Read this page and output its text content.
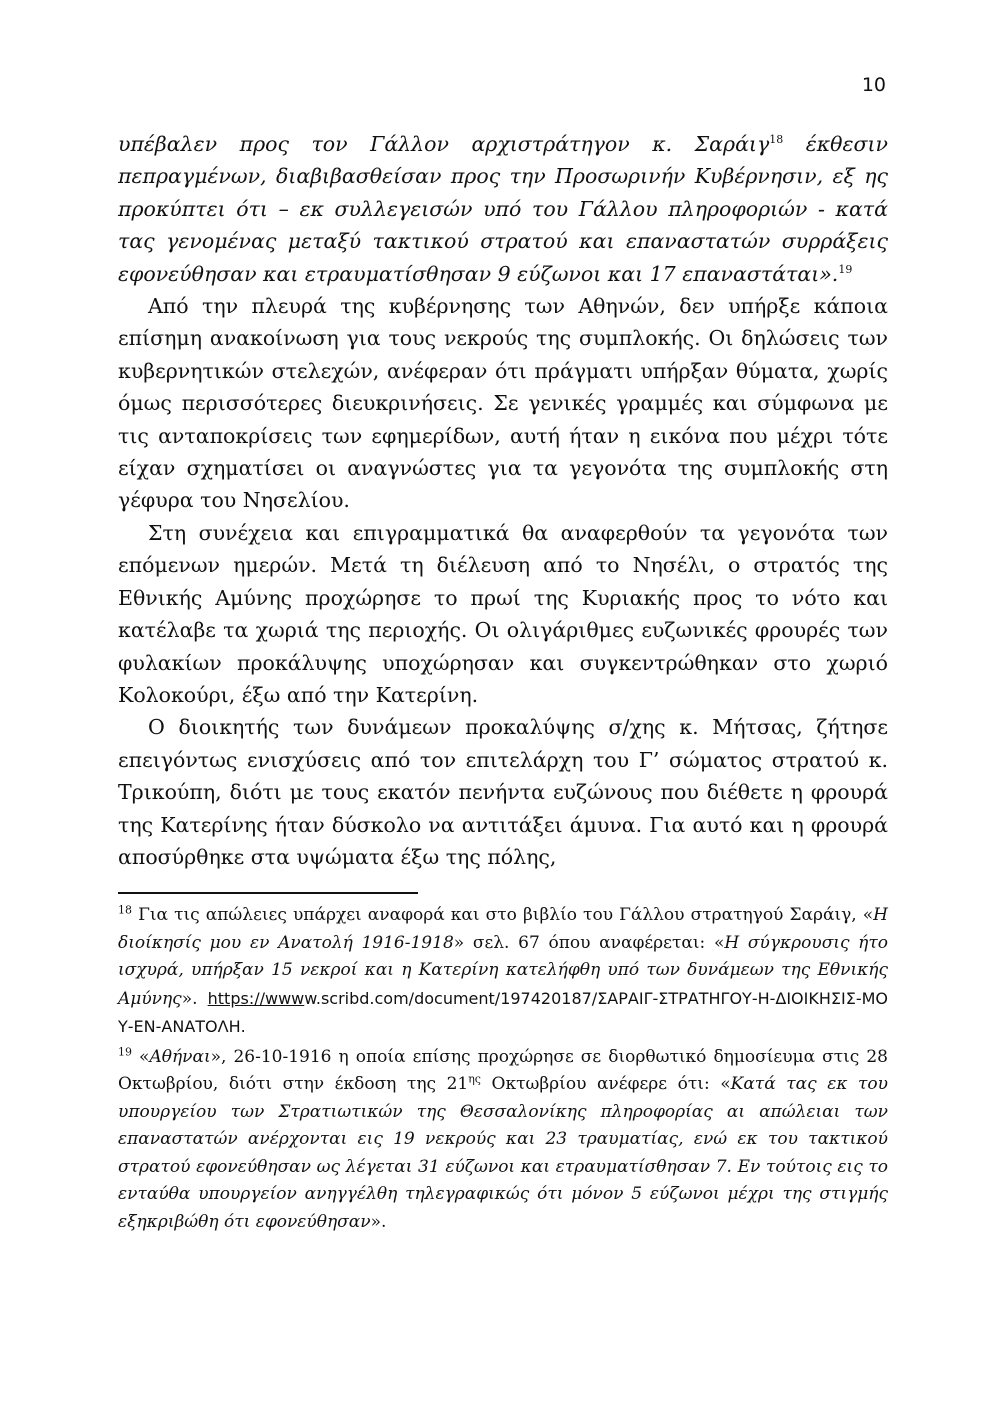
10

υπέβαλεν προς τον Γάλλον αρχιστράτηγον κ. Σαράιγ$^{18}$ έκθεσιν πεπραγμένων, διαβιβασθείσαν προς την Προσωρινήν Κυβέρνησιν, εξ ης προκύπτει ότι – εκ συλλεγεισών υπό του Γάλλου πληροφοριών - κατά τας γενομένας μεταξύ τακτικού στρατού και επαναστατών συρράξεις εφονεύθησαν και ετραυματίσθησαν 9 εύζωνοι και 17 επαναστάται».$^{19}$

Από την πλευρά της κυβέρνησης των Αθηνών, δεν υπήρξε κάποια επίσημη ανακοίνωση για τους νεκρούς της συμπλοκής. Οι δηλώσεις των κυβερνητικών στελεχών, ανέφεραν ότι πράγματι υπήρξαν θύματα, χωρίς όμως περισσότερες διευκρινήσεις. Σε γενικές γραμμές και σύμφωνα με τις ανταποκρίσεις των εφημερίδων, αυτή ήταν η εικόνα που μέχρι τότε είχαν σχηματίσει οι αναγνώστες για τα γεγονότα της συμπλοκής στη γέφυρα του Νησελίου.

Στη συνέχεια και επιγραμματικά θα αναφερθούν τα γεγονότα των επόμενων ημερών. Μετά τη διέλευση από το Νησέλι, ο στρατός της Εθνικής Αμύνης προχώρησε το πρωί της Κυριακής προς το νότο και κατέλαβε τα χωριά της περιοχής. Οι ολιγάριθμες ευζωνικές φρουρές των φυλακίων προκάλυψης υποχώρησαν και συγκεντρώθηκαν στο χωριό Κολοκούρι, έξω από την Κατερίνη.

Ο διοικητής των δυνάμεων προκαλύψης σ/χης κ. Μήτσας, ζήτησε επειγόντως ενισχύσεις από τον επιτελάρχη του Γ’ σώματος στρατού κ. Τρικούπη, διότι με τους εκατόν πενήντα ευζώνους που διέθετε η φρουρά της Κατερίνης ήταν δύσκολο να αντιτάξει άμυνα. Για αυτό και η φρουρά αποσύρθηκε στα υψώματα έξω της πόλης,

$^{18}$ Για τις απώλειες υπάρχει αναφορά και στο βιβλίο του Γάλλου στρατηγού Σαράιγ, «Η διοίκησίς μου εν Ανατολή 1916-1918» σελ. 67 όπου αναφέρεται: «Η σύγκρουσις ήτο ισχυρά, υπήρξαν 15 νεκροί και η Κατερίνη κατελήφθη υπό των δυνάμεων της Εθνικής Αμύνης». https://wwww.scribd.com/document/197420187/ΣΑΡΑΙΓ-ΣΤΡΑΤΗΓΟΥ-Η-ΔΙΟΙΚΗΣΙΣ-ΜΟΥ-ΕΝ-ΑΝΑΤΟΛΗ.

$^{19}$ «Αθήναι», 26-10-1916 η οποία επίσης προχώρησε σε διορθωτικό δημοσίευμα στις 28 Οκτωβρίου, διότι στην έκδοση της $21^{\eta\varsigma}$ Οκτωβρίου ανέφερε ότι: «Κατά τας εκ του υπουργείου των Στρατιωτικών της Θεσσαλονίκης πληροφορίας αι απώλειαι των επαναστατών ανέρχονται εις 19 νεκρούς και 23 τραυματίας, ενώ εκ του τακτικού στρατού εφονεύθησαν ως λέγεται 31 εύζωνοι και ετραυματίσθησαν 7. Εν τούτοις εις το ενταύθα υπουργείον ανηγγέλθη τηλεγραφικώς ότι μόνον 5 εύζωνοι μέχρι της στιγμής εξηκριβώθη ότι εφονεύθησαν».
